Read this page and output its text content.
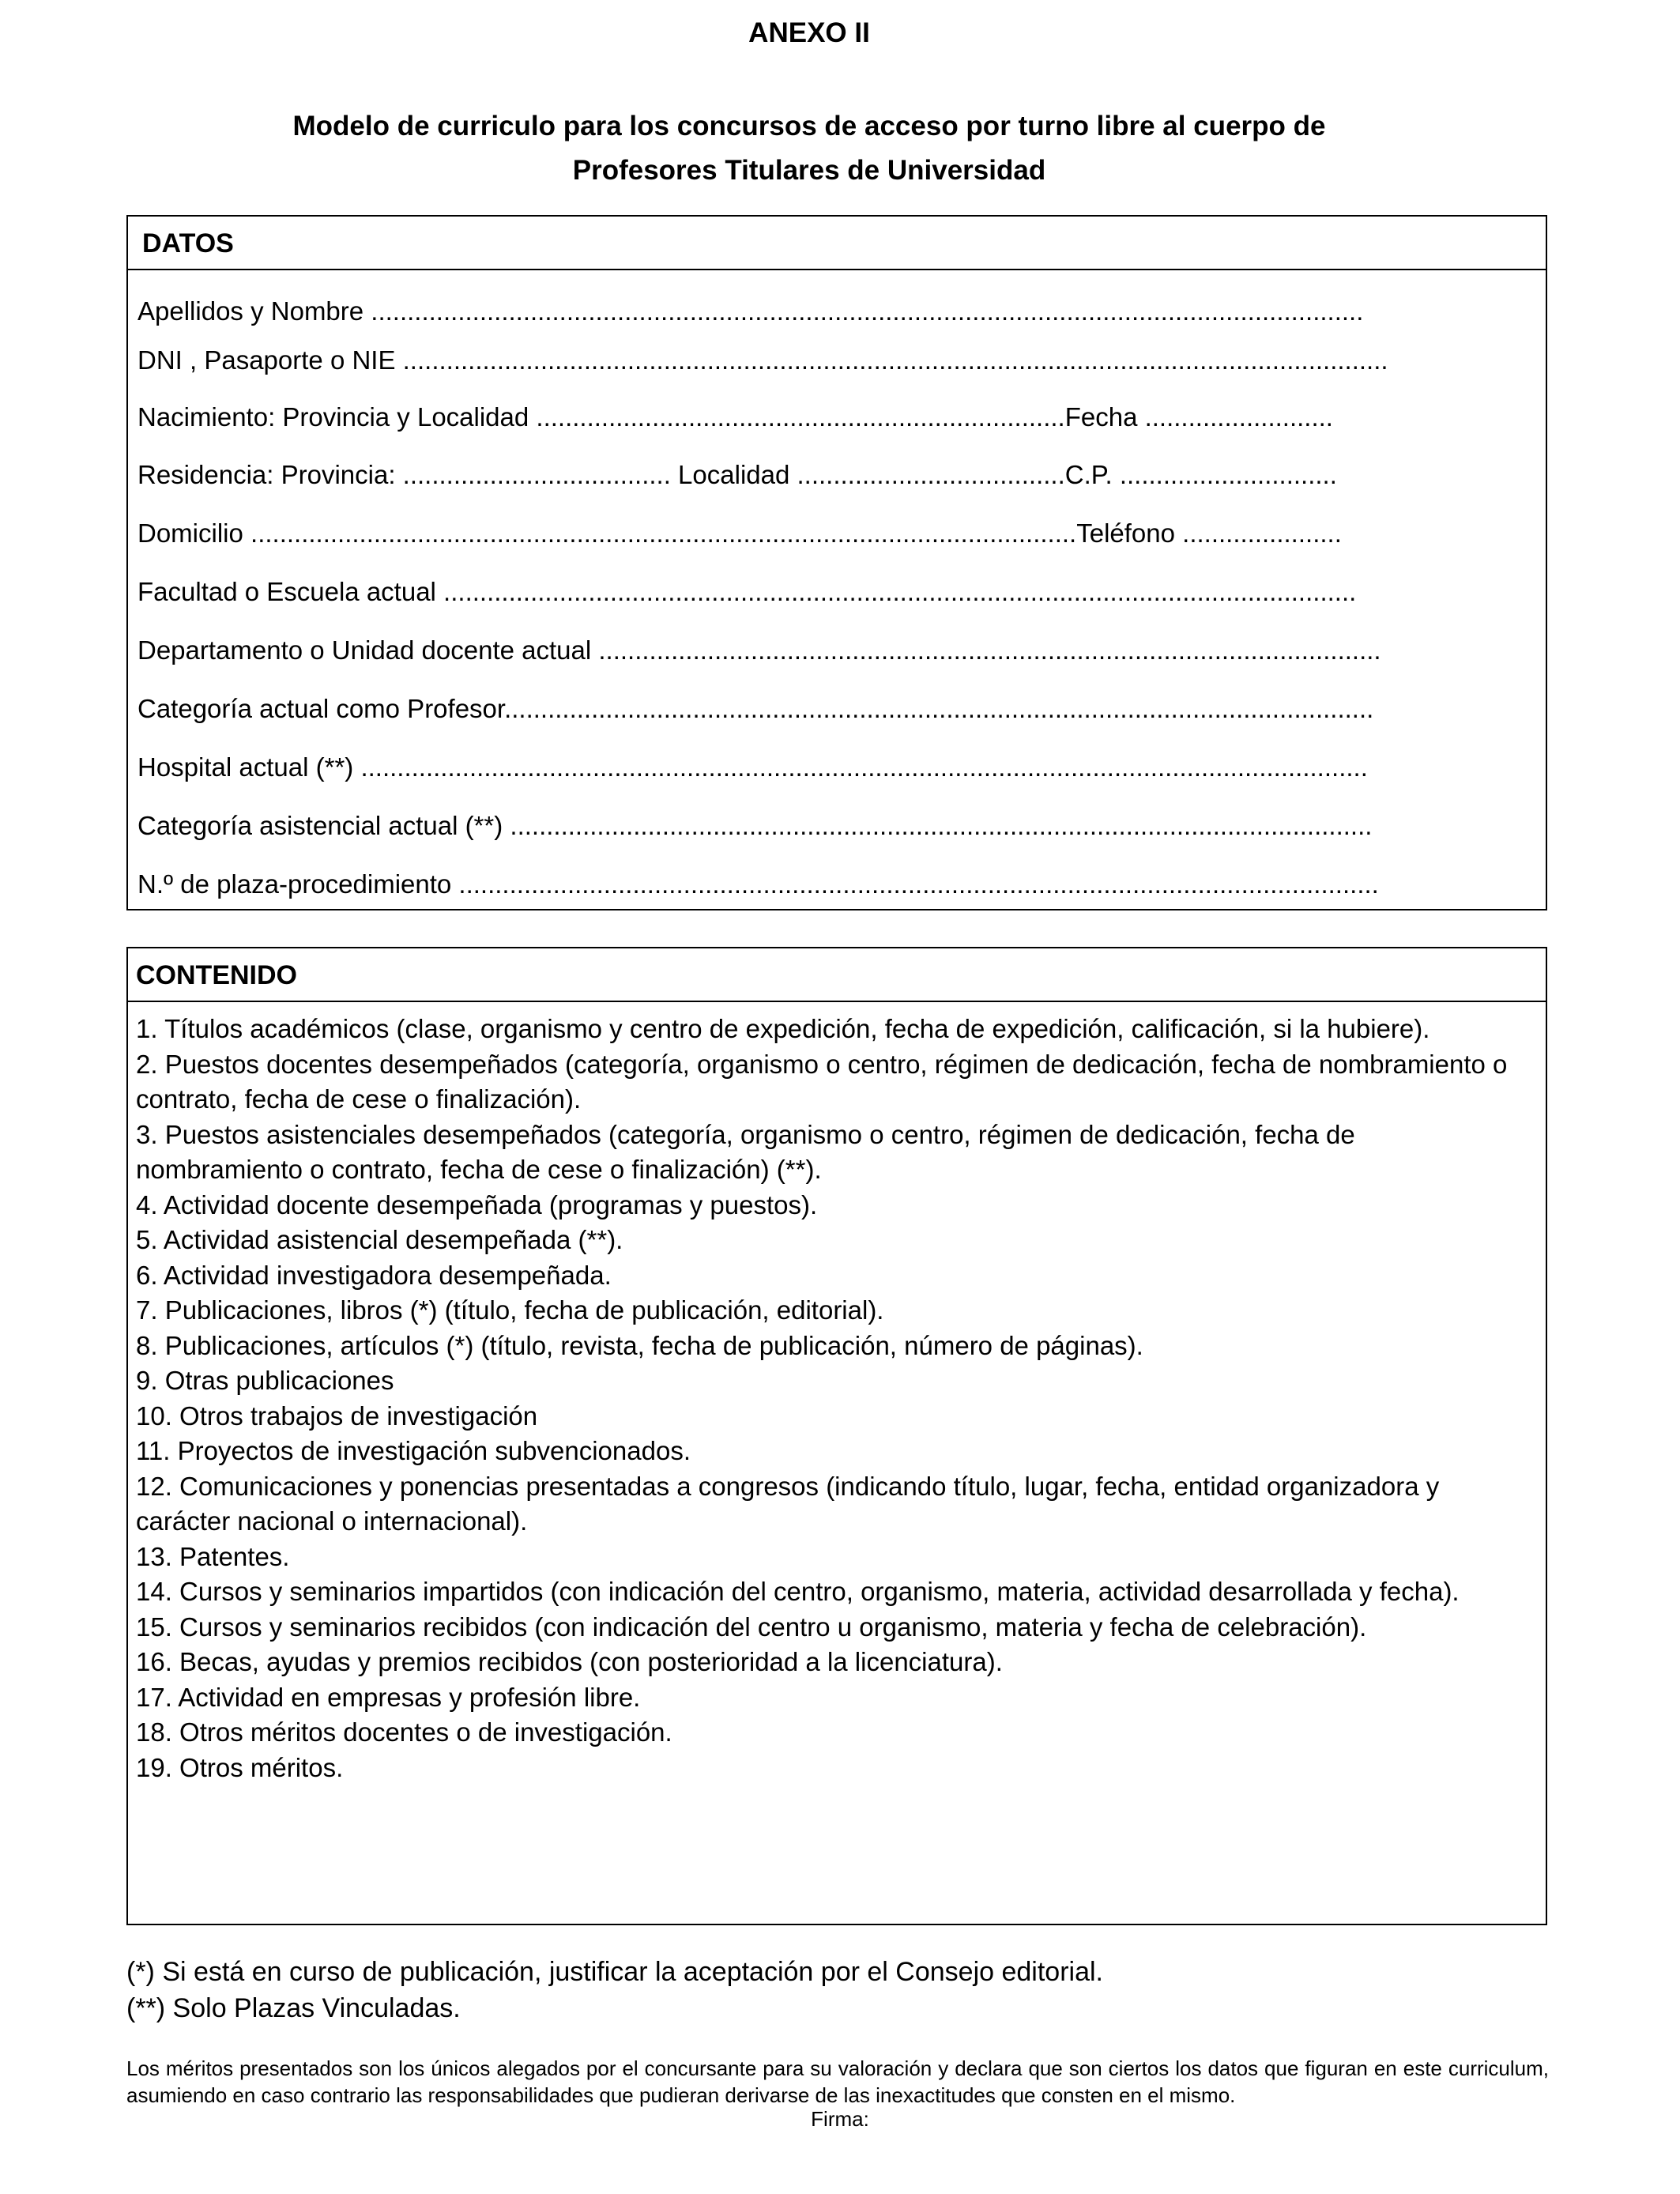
ANEXO II
Modelo de curriculo para los concursos de acceso por turno libre al cuerpo de
Profesores Titulares de Universidad
DATOS
Apellidos y Nombre .........................................................................................................................................
DNI , Pasaporte o NIE ........................................................................................................................................
Nacimiento: Provincia y Localidad .........................................................................Fecha ..........................
Residencia: Provincia: ..................................... Localidad .....................................C.P. ..............................
Domicilio ..................................................................................................................Teléfono ......................
Facultad o Escuela actual ..............................................................................................................................
Departamento o Unidad docente actual ............................................................................................................
Categoría actual como Profesor........................................................................................................................
Hospital actual (**) ...........................................................................................................................................
Categoría asistencial actual (**) .......................................................................................................................
N.º de plaza-procedimiento ...............................................................................................................................
CONTENIDO

1. Títulos académicos (clase, organismo y centro de expedición, fecha de expedición, calificación, si la hubiere).

2. Puestos docentes desempeñados (categoría, organismo o centro, régimen de dedicación, fecha de nombramiento o contrato, fecha de cese o finalización).

3. Puestos asistenciales desempeñados (categoría, organismo o centro, régimen de dedicación, fecha de nombramiento o contrato, fecha de cese o finalización) (**).

4. Actividad docente desempeñada (programas y puestos).

5. Actividad asistencial desempeñada (**).

6. Actividad investigadora desempeñada.

7. Publicaciones, libros (*) (título, fecha de publicación, editorial).

8. Publicaciones, artículos (*) (título, revista, fecha de publicación, número de páginas).

9. Otras publicaciones

10. Otros trabajos de investigación

11. Proyectos de investigación subvencionados.

12. Comunicaciones y ponencias presentadas a congresos (indicando título, lugar, fecha, entidad organizadora y carácter nacional o internacional).

13. Patentes.

14. Cursos y seminarios impartidos (con indicación del centro, organismo, materia, actividad desarrollada y fecha).

15. Cursos y seminarios recibidos (con indicación del centro u organismo, materia y fecha de celebración).

16. Becas, ayudas y premios recibidos (con posterioridad a la licenciatura).

17. Actividad en empresas y profesión libre.

18. Otros méritos docentes o de investigación.

19. Otros méritos.

(*) Si está en curso de publicación, justificar la aceptación por el Consejo editorial.
(**) Solo Plazas Vinculadas.
Los méritos presentados son los únicos alegados por el concursante para su valoración y declara que son ciertos los datos que figuran en este curriculum, asumiendo en caso contrario las responsabilidades que pudieran derivarse de las inexactitudes que consten en el mismo.
Firma:
